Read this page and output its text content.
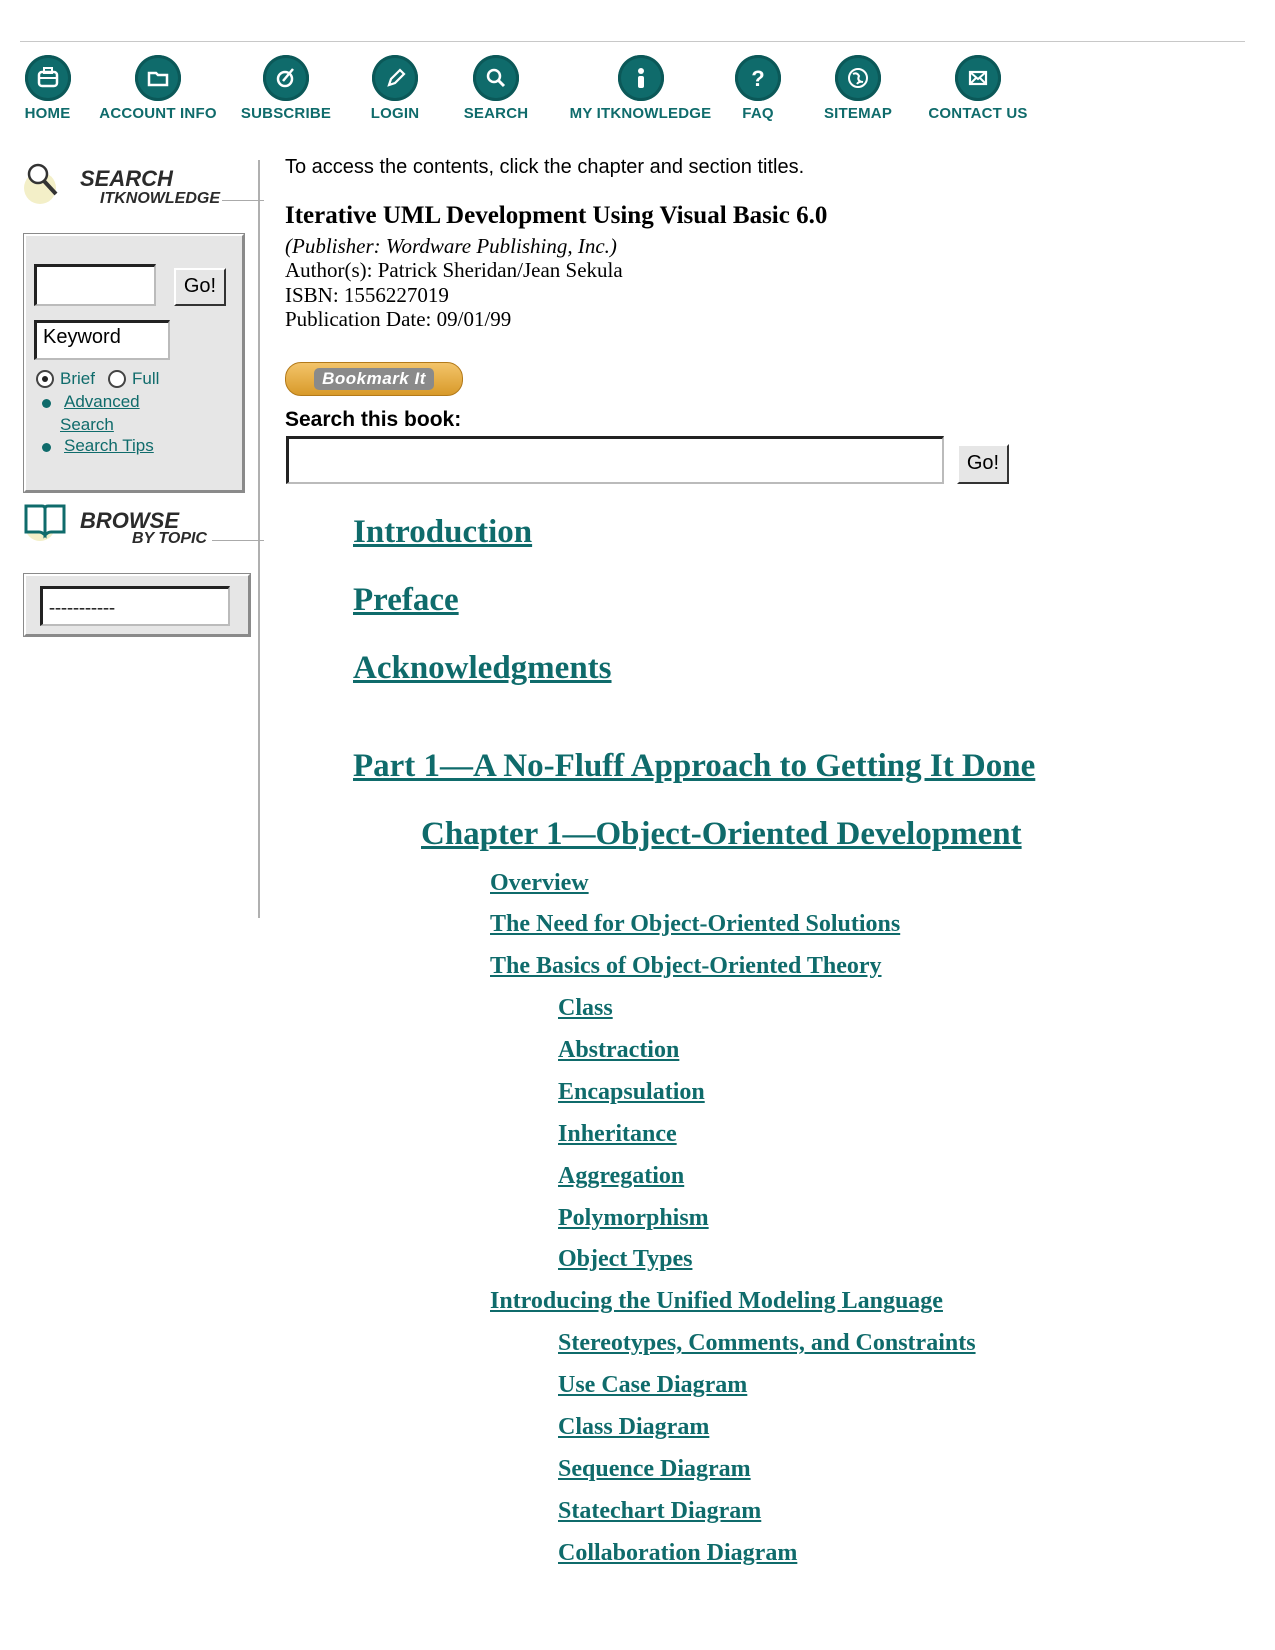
HOME	ACCOUNT INFO SUBSCRIBE	LOGIN	SEARCH	MY ITKNOWLEDGE
?
FAQ	SITEMAP	CONTACT US
SEARCH
ITKNOWLEDGE
Go!
Keyword
Brief Full
Advanced
Search
Search Tips
BROWSE
BY TOPIC
-----------
To access the contents, click the chapter and section titles.
Iterative UML Development Using Visual Basic 6.0
(Publisher: Wordware Publishing, Inc.)
Author(s): Patrick Sheridan/Jean Sekula
ISBN: 1556227019
Publication Date: 09/01/99
Bookmark It
Search this book:
Go!
Introduction
Preface
Acknowledgments
Part 1—A No-Fluff Approach to Getting It Done
Chapter 1—Object-Oriented Development
Overview
The Need for Object-Oriented Solutions
The Basics of Object-Oriented Theory
Class
Abstraction
Encapsulation
Inheritance
Aggregation
Polymorphism
Object Types
Introducing the Unified Modeling Language
Stereotypes, Comments, and Constraints
Use Case Diagram
Class Diagram
Sequence Diagram
Statechart Diagram
Collaboration Diagram
